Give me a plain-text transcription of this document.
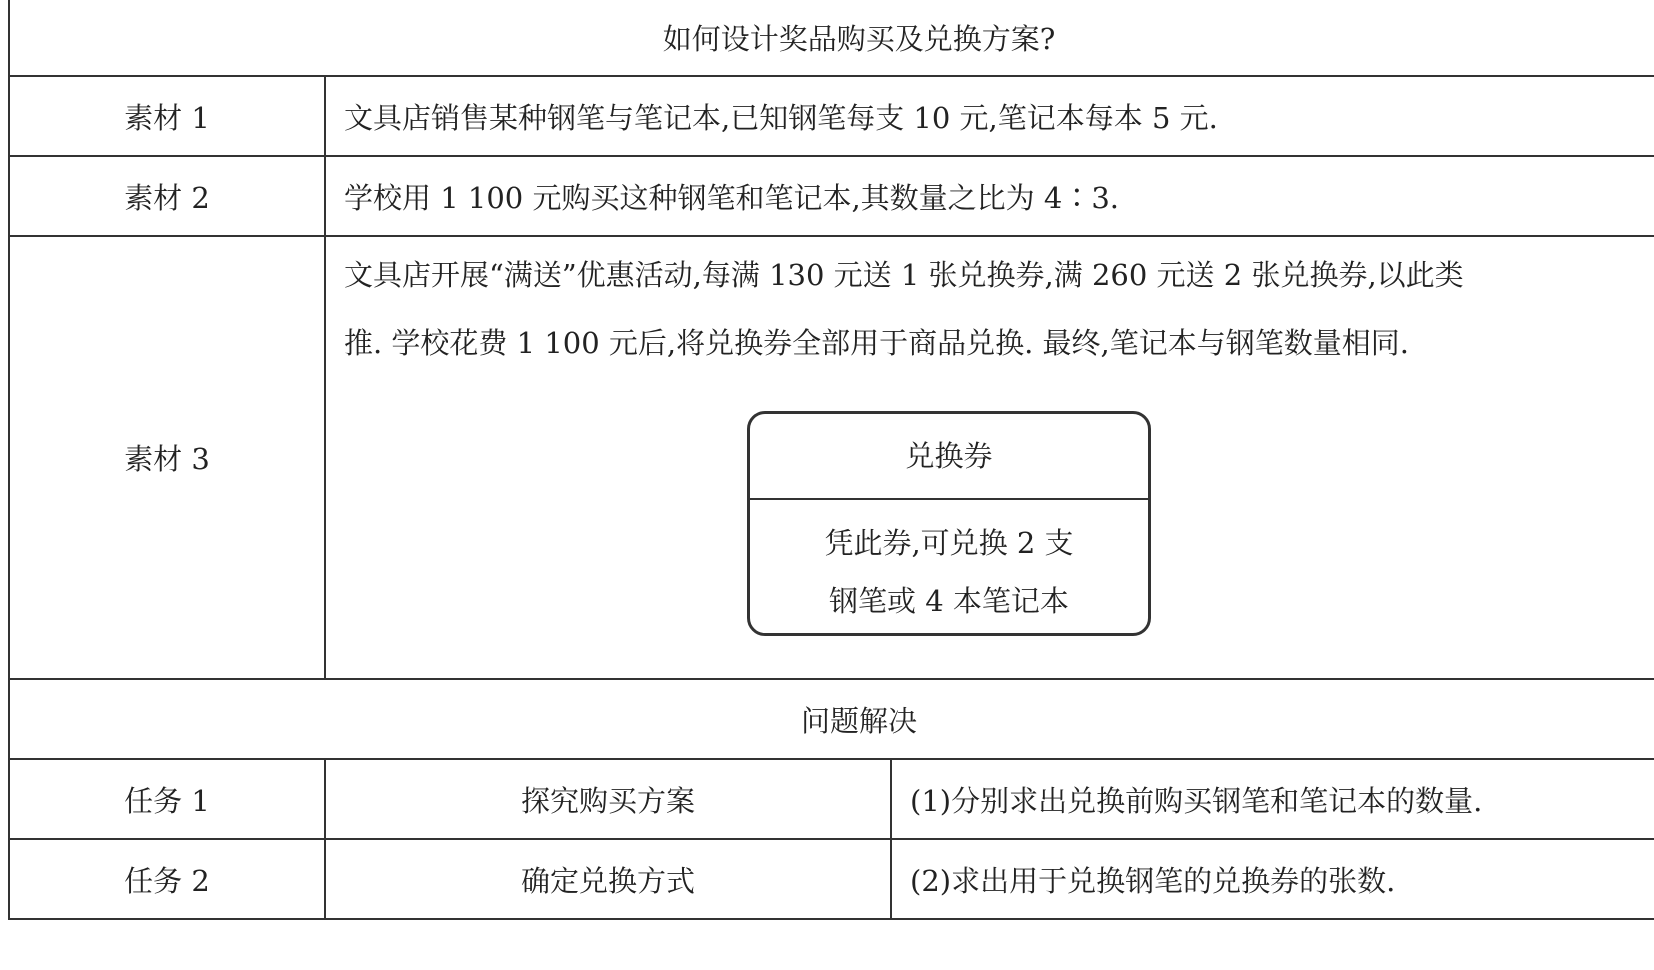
如何设计奖品购买及兑换方案?		
素材 1	文具店销售某种钢笔与笔记本,已知钢笔每支 10 元,笔记本每本 5 元.	
素材 2	学校用 1 100 元购买这种钢笔和笔记本,其数量之比为 4∶3.	
素材 3	文具店开展“满送”优惠活动,每满 130 元送 1 张兑换券,满 260 元送 2 张兑换券,以此类
推. 学校花费 1 100 元后,将兑换券全部用于商品兑换. 最终,笔记本与钢笔数量相同.
兑换券
凭此券,可兑换 2 支
钢笔或 4 本笔记本	

问题解决		
任务 1	探究购买方案	(1)分别求出兑换前购买钢笔和笔记本的数量.
任务 2	确定兑换方式	(2)求出用于兑换钢笔的兑换券的张数.
